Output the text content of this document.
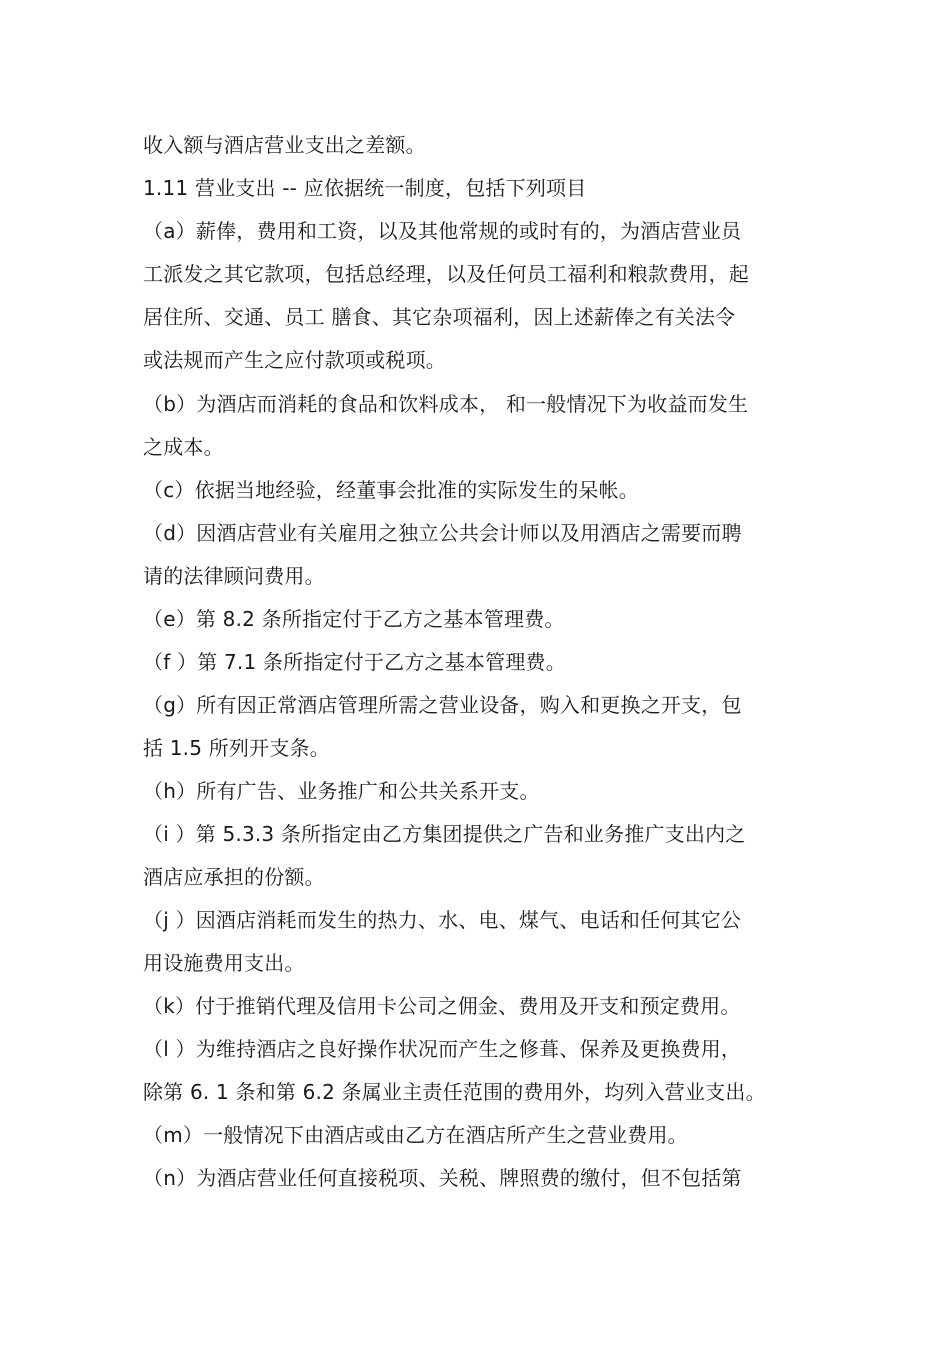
收入额与酒店营业支出之差额。
1.11 营业支出 -- 应依据统一制度，包括下列项目
（a）薪俸，费用和工资，以及其他常规的或时有的，为酒店营业员
工派发之其它款项，包括总经理，以及任何员工福利和粮款费用，起
居住所、交通、员工 膳食、其它杂项福利，因上述薪俸之有关法令
或法规而产生之应付款项或税项。
（b）为酒店而消耗的食品和饮料成本， 和一般情况下为收益而发生
之成本。
（c）依据当地经验，经董事会批准的实际发生的呆帐。
（d）因酒店营业有关雇用之独立公共会计师以及用酒店之需要而聘
请的法律顾问费用。
（e）第 8.2 条所指定付于乙方之基本管理费。
（f ）第 7.1 条所指定付于乙方之基本管理费。
（g）所有因正常酒店管理所需之营业设备，购入和更换之开支，包
括 1.5 所列开支条。
（h）所有广告、业务推广和公共关系开支。
（i ）第 5.3.3 条所指定由乙方集团提供之广告和业务推广支出内之
酒店应承担的份额。
（j ）因酒店消耗而发生的热力、水、电、煤气、电话和任何其它公
用设施费用支出。
（k）付于推销代理及信用卡公司之佣金、费用及开支和预定费用。
（l ）为维持酒店之良好操作状况而产生之修葺、保养及更换费用，
除第 6. 1 条和第 6.2 条属业主责任范围的费用外，均列入营业支出。
（m）一般情况下由酒店或由乙方在酒店所产生之营业费用。
（n）为酒店营业任何直接税项、关税、牌照费的缴付，但不包括第
